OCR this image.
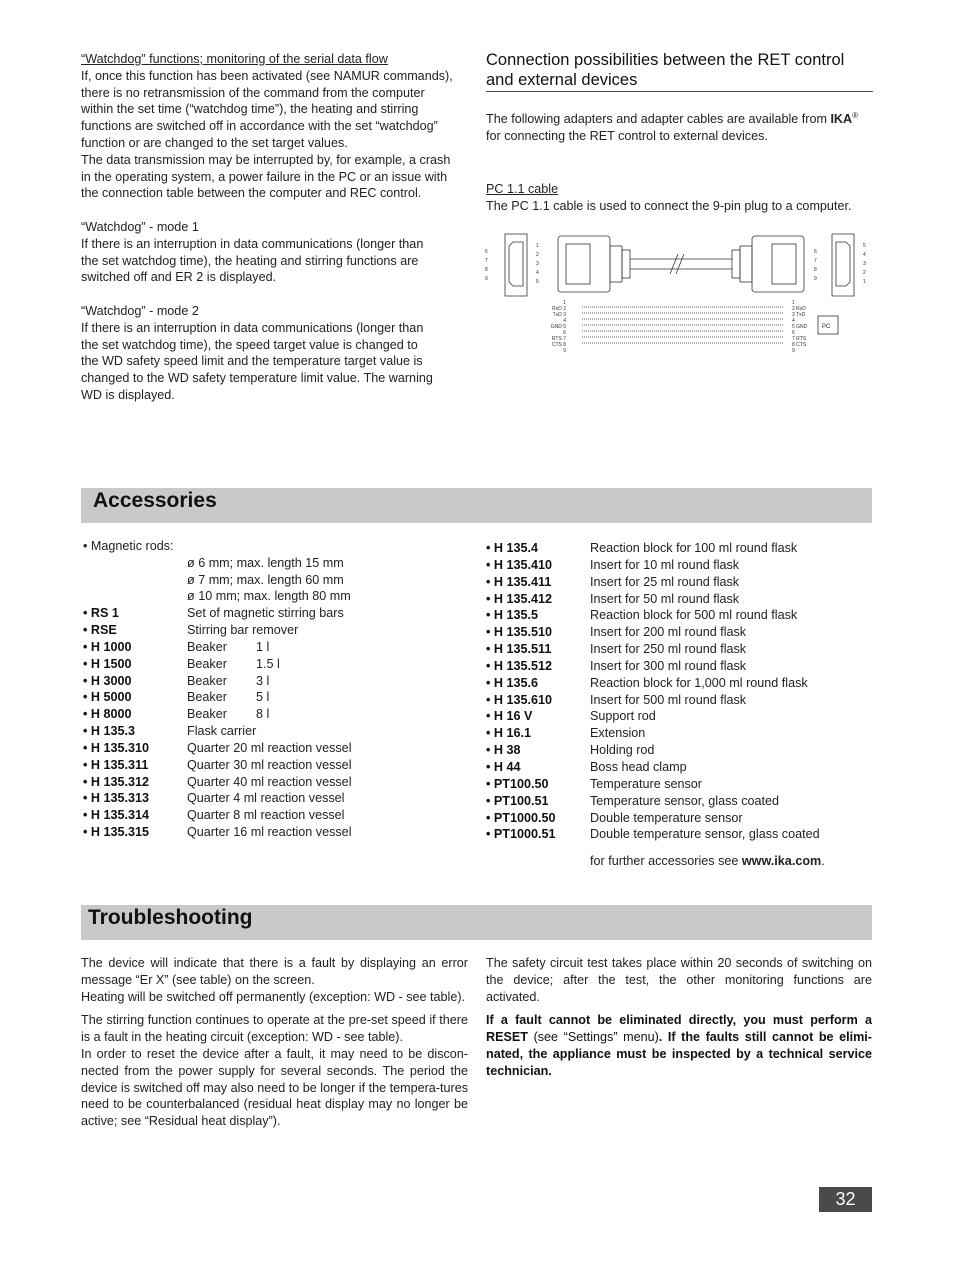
“Watchdog” functions; monitoring of the serial data flow

If, once this function has been activated (see NAMUR commands),

there is no retransmission of the command from the computer

within the set time (“watchdog time”), the heating and stirring

functions are switched off in accordance with the set “watchdog”

function or are changed to the set target values.

The data transmission may be interrupted by, for example, a crash

in the operating system, a power failure in the PC or an issue with

the connection table between the computer and REC control.

“Watchdog” - mode 1

If there is an interruption in data communications (longer than

the set watchdog time), the heating and stirring functions are

switched off and ER 2 is displayed.

“Watchdog” - mode 2

If there is an interruption in data communications (longer than

the set watchdog time), the speed target value is changed to

the WD safety speed limit and the temperature target value is

changed to the WD safety temperature limit value. The warning

WD is displayed.

Connection possibilities between the RET control
and external devices

The following adapters and adapter cables are available from IKA®

for connecting the RET control to external devices.

PC 1.1 cable

The PC 1.1 cable is used to connect the 9-pin plug to a computer.

6
7
8
9
1
2
3
4
5
6
7
8
9
5
4
3
2
1
1
RxD 2
TxD 3
4
GND 5
6
RTS 7
CTS 8
9
1
2 RxD
3 TxD
4
5 GND
6
7 RTS
8 CTS
9
PC
Accessories

• Magnetic rods:

ø 6 mm; max. length 15 mm

ø 7 mm; max. length 60 mm

ø 10 mm; max. length 80 mm

• RS 1	Set of magnetic stirring bars
• RSE	Stirring bar remover
• H 1000	Beaker	1 l
• H 1500	Beaker	1.5 l
• H 3000	Beaker	3 l
• H 5000	Beaker	5 l
• H 8000	Beaker	8 l
• H 135.3	Flask carrier
• H 135.310	Quarter 20 ml reaction vessel
• H 135.311	Quarter 30 ml reaction vessel
• H 135.312	Quarter 40 ml reaction vessel
• H 135.313	Quarter 4 ml reaction vessel
• H 135.314	Quarter 8 ml reaction vessel
• H 135.315	Quarter 16 ml reaction vessel
• H 135.4	Reaction block for 100 ml round flask
• H 135.410	Insert for 10 ml round flask
• H 135.411	Insert for 25 ml round flask
• H 135.412	Insert for 50 ml round flask
• H 135.5	Reaction block for 500 ml round flask
• H 135.510	Insert for 200 ml round flask
• H 135.511	Insert for 250 ml round flask
• H 135.512	Insert for 300 ml round flask
• H 135.6	Reaction block for 1,000 ml round flask
• H 135.610	Insert for 500 ml round flask
• H 16 V	Support rod
• H 16.1	Extension
• H 38	Holding rod
• H 44	Boss head clamp
• PT100.50	Temperature sensor
• PT100.51	Temperature sensor, glass coated
• PT1000.50	Double temperature sensor
• PT1000.51	Double temperature sensor, glass coated

for further accessories see www.ika.com.

Troubleshooting

The device will indicate that there is a fault by displaying an error message “Er X” (see table) on the screen.

Heating will be switched off permanently (exception: WD - see table).

The stirring function continues to operate at the pre-set speed if there is a fault in the heating circuit (exception: WD - see table).

In order to reset the device after a fault, it may need to be discon-nected from the power supply for several seconds. The period the device is switched off may also need to be longer if the tempera-tures need to be counterbalanced (residual heat display may no longer be active; see “Residual heat display”).

The safety circuit test takes place within 20 seconds of switching on the device; after the test, the other monitoring functions are activated.

If a fault cannot be eliminated directly, you must perform a RESET (see “Settings” menu). If the faults still cannot be elimi-nated, the appliance must be inspected by a technical service technician.

32
